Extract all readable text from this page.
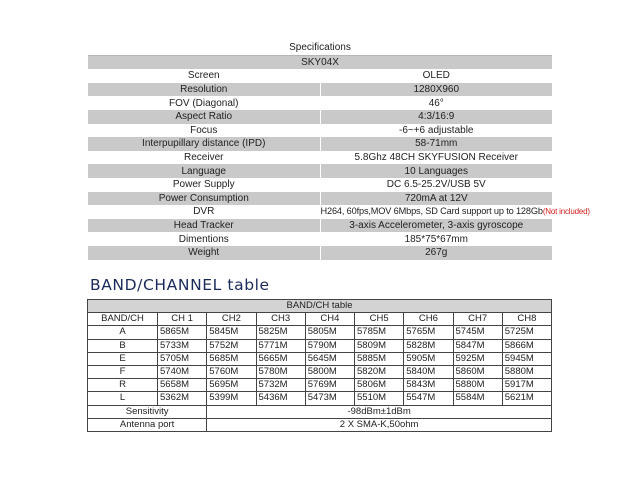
Specifications	
SKY04X	
Screen	OLED
Resolution	1280X960
FOV (Diagonal)	46°
Aspect Ratio	4:3/16:9
Focus	-6~+6 adjustable
Interpupillary distance (IPD)	58-71mm
Receiver	5.8Ghz 48CH SKYFUSION Receiver
Language	10 Languages
Power Supply	DC 6.5-25.2V/USB 5V
Power Consumption	720mA at 12V
DVR	H264, 60fps,MOV 6Mbps, SD Card support up to 128Gb(Not included)
Head Tracker	3-axis Accelerometer, 3-axis gyroscope
Dimentions	185*75*67mm
Weight	267g
BAND/CHANNEL table
BAND/CH table								
BAND/CH	CH 1	CH2	CH3	CH4	CH5	CH6	CH7	CH8
A	5865M	5845M	5825M	5805M	5785M	5765M	5745M	5725M
B	5733M	5752M	5771M	5790M	5809M	5828M	5847M	5866M
E	5705M	5685M	5665M	5645M	5885M	5905M	5925M	5945M
F	5740M	5760M	5780M	5800M	5820M	5840M	5860M	5880M
R	5658M	5695M	5732M	5769M	5806M	5843M	5880M	5917M
L	5362M	5399M	5436M	5473M	5510M	5547M	5584M	5621M
Sensitivity		-98dBm±1dBm						
Antenna port		2 X SMA-K,50ohm						
